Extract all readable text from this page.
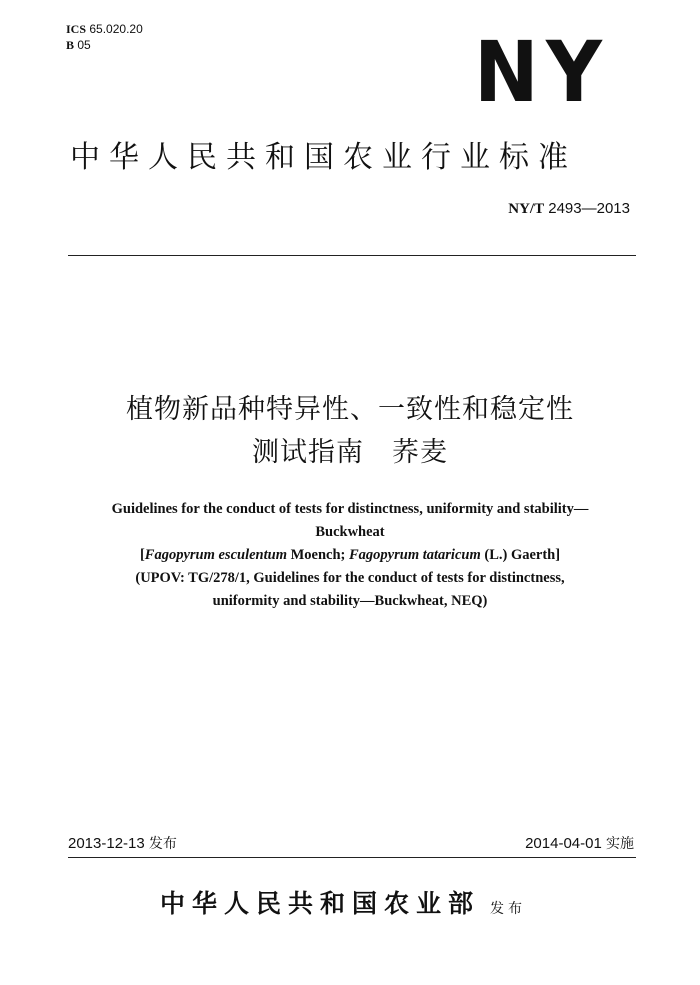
ICS 65.020.20
B 05	NY
中华人民共和国农业行业标准
NY/T 2493—2013
植物新品种特异性、一致性和稳定性
测试指南　荞麦
Guidelines for the conduct of tests for distinctness, uniformity and stability—
Buckwheat
[Fagopyrum esculentum Moench; Fagopyrum tataricum (L.) Gaerth]
(UPOV: TG/278/1, Guidelines for the conduct of tests for distinctness,
uniformity and stability—Buckwheat, NEQ)
2013-12-13 发布	2014-04-01 实施
中华人民共和国农业部 发布
